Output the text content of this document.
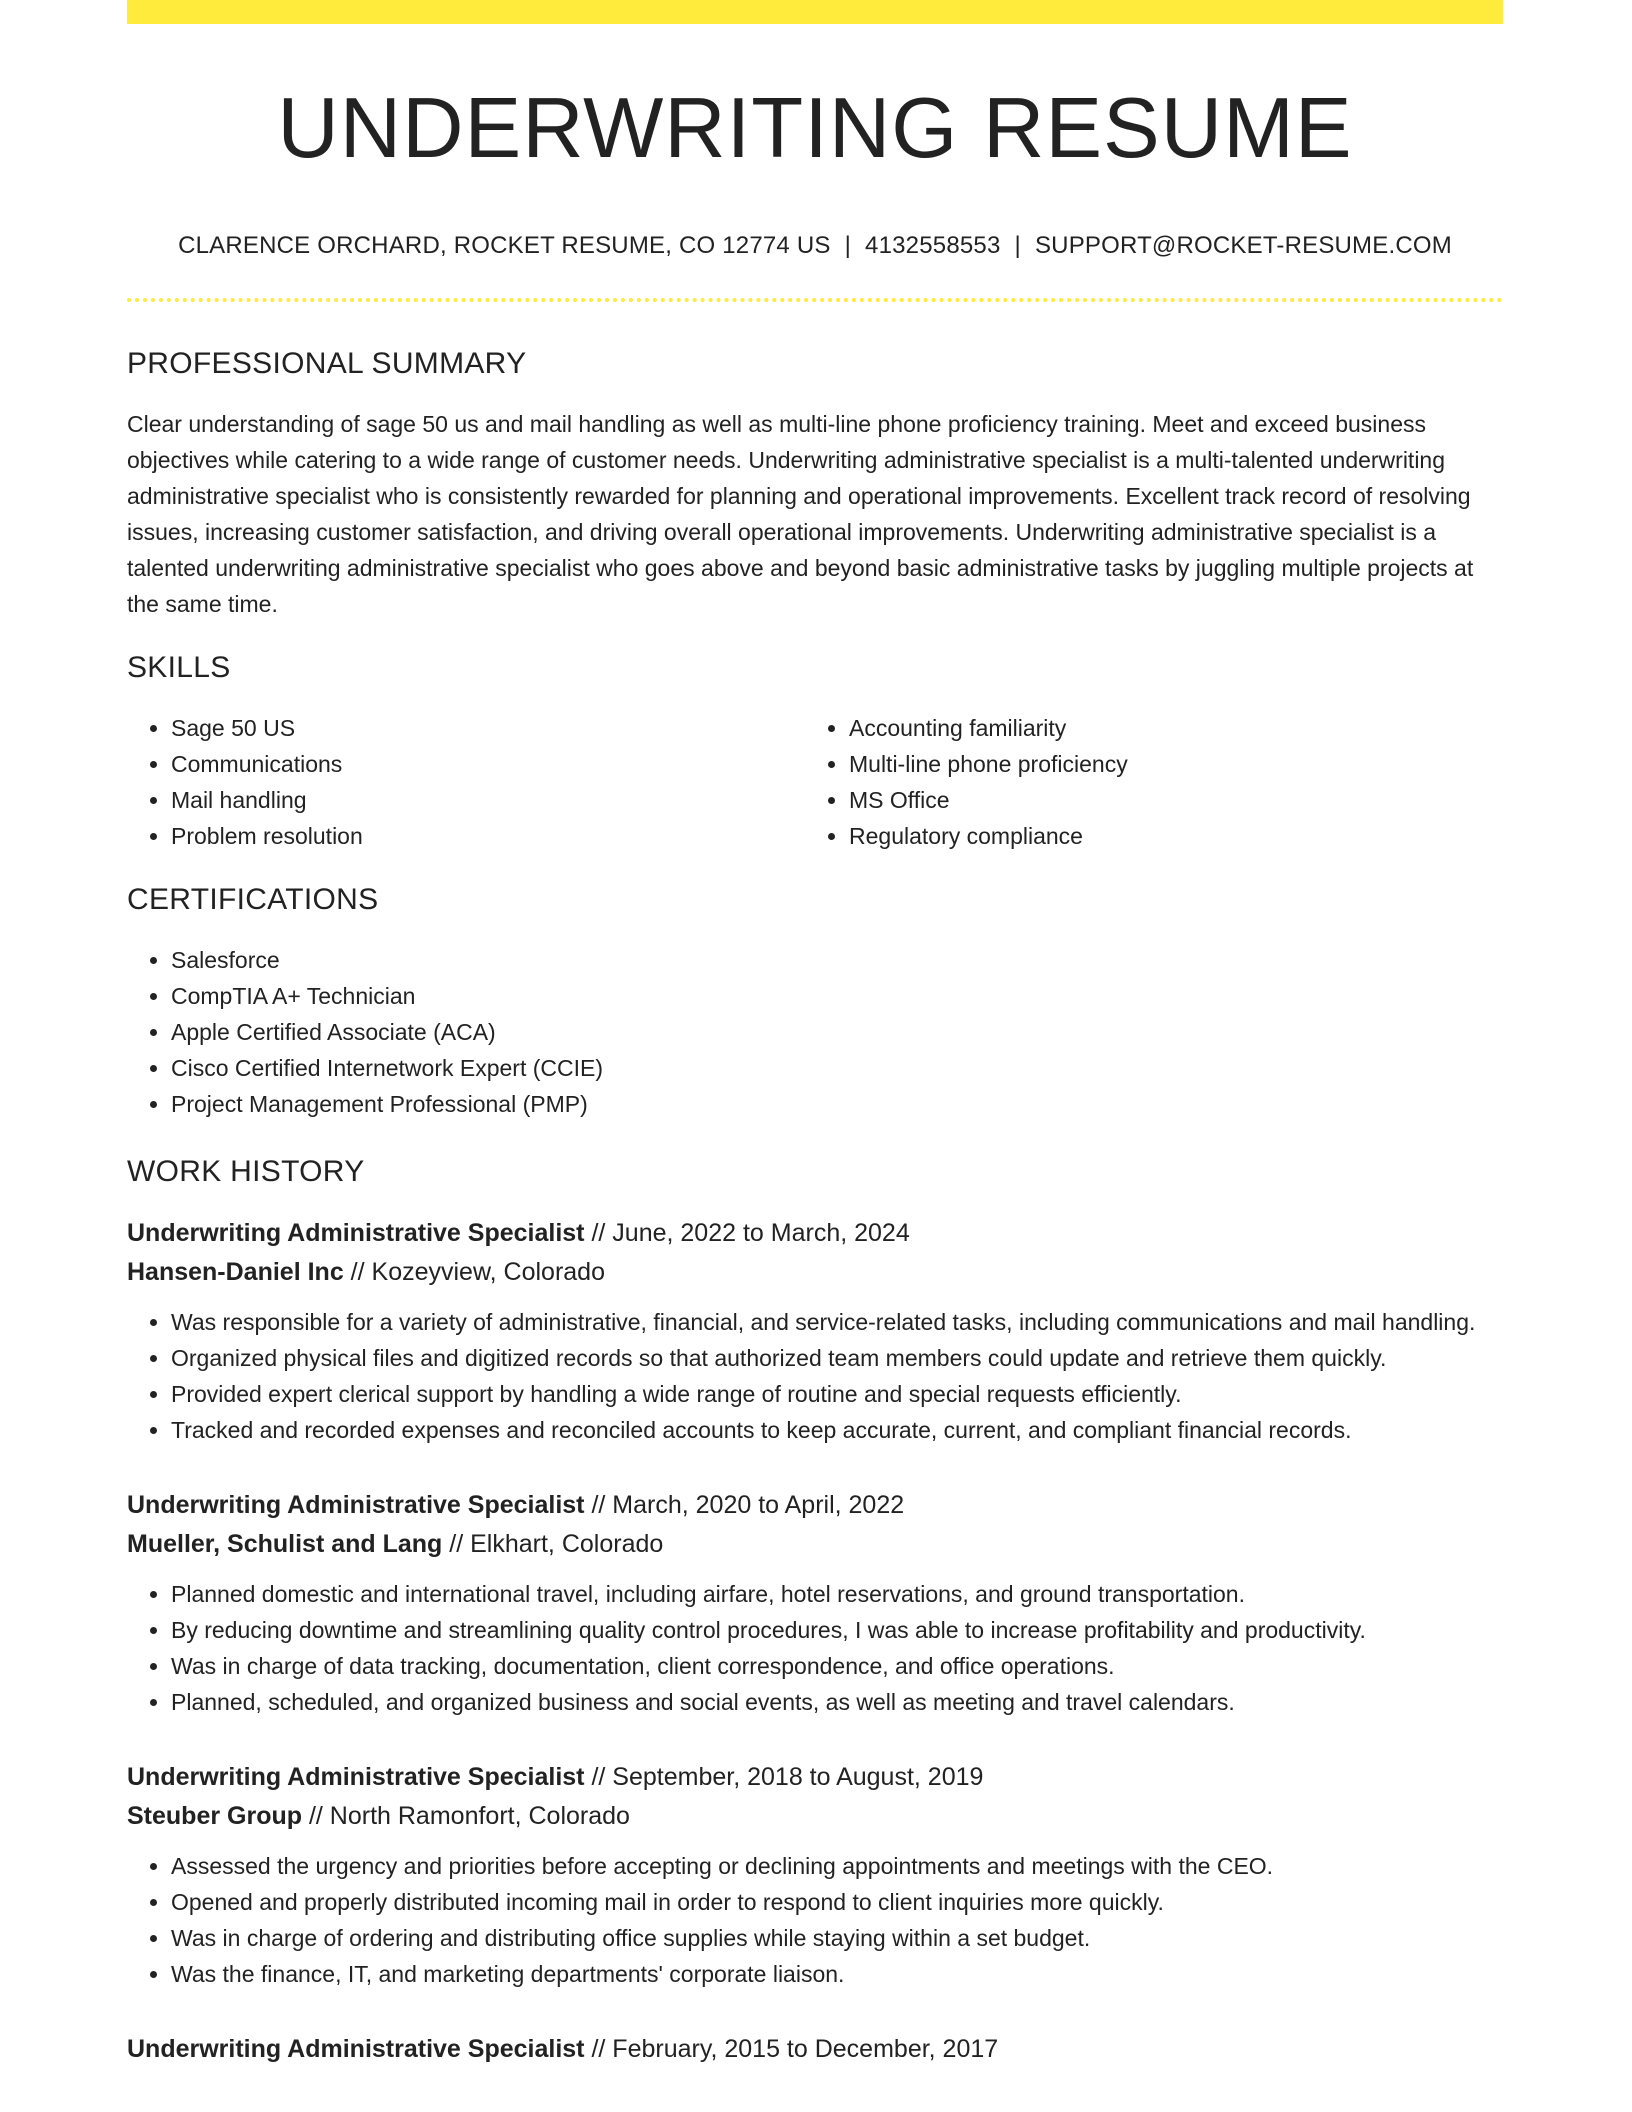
UNDERWRITING RESUME
CLARENCE ORCHARD, ROCKET RESUME, CO 12774 US | 4132558553 | SUPPORT@ROCKET-RESUME.COM
PROFESSIONAL SUMMARY

Clear understanding of sage 50 us and mail handling as well as multi-line phone proficiency training. Meet and exceed business objectives while catering to a wide range of customer needs. Underwriting administrative specialist is a multi-talented underwriting administrative specialist who is consistently rewarded for planning and operational improvements. Excellent track record of resolving issues, increasing customer satisfaction, and driving overall operational improvements. Underwriting administrative specialist is a talented underwriting administrative specialist who goes above and beyond basic administrative tasks by juggling multiple projects at the same time.

SKILLS
• Sage 50 US
• Communications
• Mail handling
• Problem resolution
• Accounting familiarity
• Multi-line phone proficiency
• MS Office
• Regulatory compliance
CERTIFICATIONS
• Salesforce
• CompTIA A+ Technician
• Apple Certified Associate (ACA)
• Cisco Certified Internetwork Expert (CCIE)
• Project Management Professional (PMP)
WORK HISTORY
Underwriting Administrative Specialist // June, 2022 to March, 2024
Hansen-Daniel Inc // Kozeyview, Colorado
• Was responsible for a variety of administrative, financial, and service-related tasks, including communications and mail handling.
• Organized physical files and digitized records so that authorized team members could update and retrieve them quickly.
• Provided expert clerical support by handling a wide range of routine and special requests efficiently.
• Tracked and recorded expenses and reconciled accounts to keep accurate, current, and compliant financial records.
Underwriting Administrative Specialist // March, 2020 to April, 2022
Mueller, Schulist and Lang // Elkhart, Colorado
• Planned domestic and international travel, including airfare, hotel reservations, and ground transportation.
• By reducing downtime and streamlining quality control procedures, I was able to increase profitability and productivity.
• Was in charge of data tracking, documentation, client correspondence, and office operations.
• Planned, scheduled, and organized business and social events, as well as meeting and travel calendars.
Underwriting Administrative Specialist // September, 2018 to August, 2019
Steuber Group // North Ramonfort, Colorado
• Assessed the urgency and priorities before accepting or declining appointments and meetings with the CEO.
• Opened and properly distributed incoming mail in order to respond to client inquiries more quickly.
• Was in charge of ordering and distributing office supplies while staying within a set budget.
• Was the finance, IT, and marketing departments' corporate liaison.
Underwriting Administrative Specialist // February, 2015 to December, 2017
